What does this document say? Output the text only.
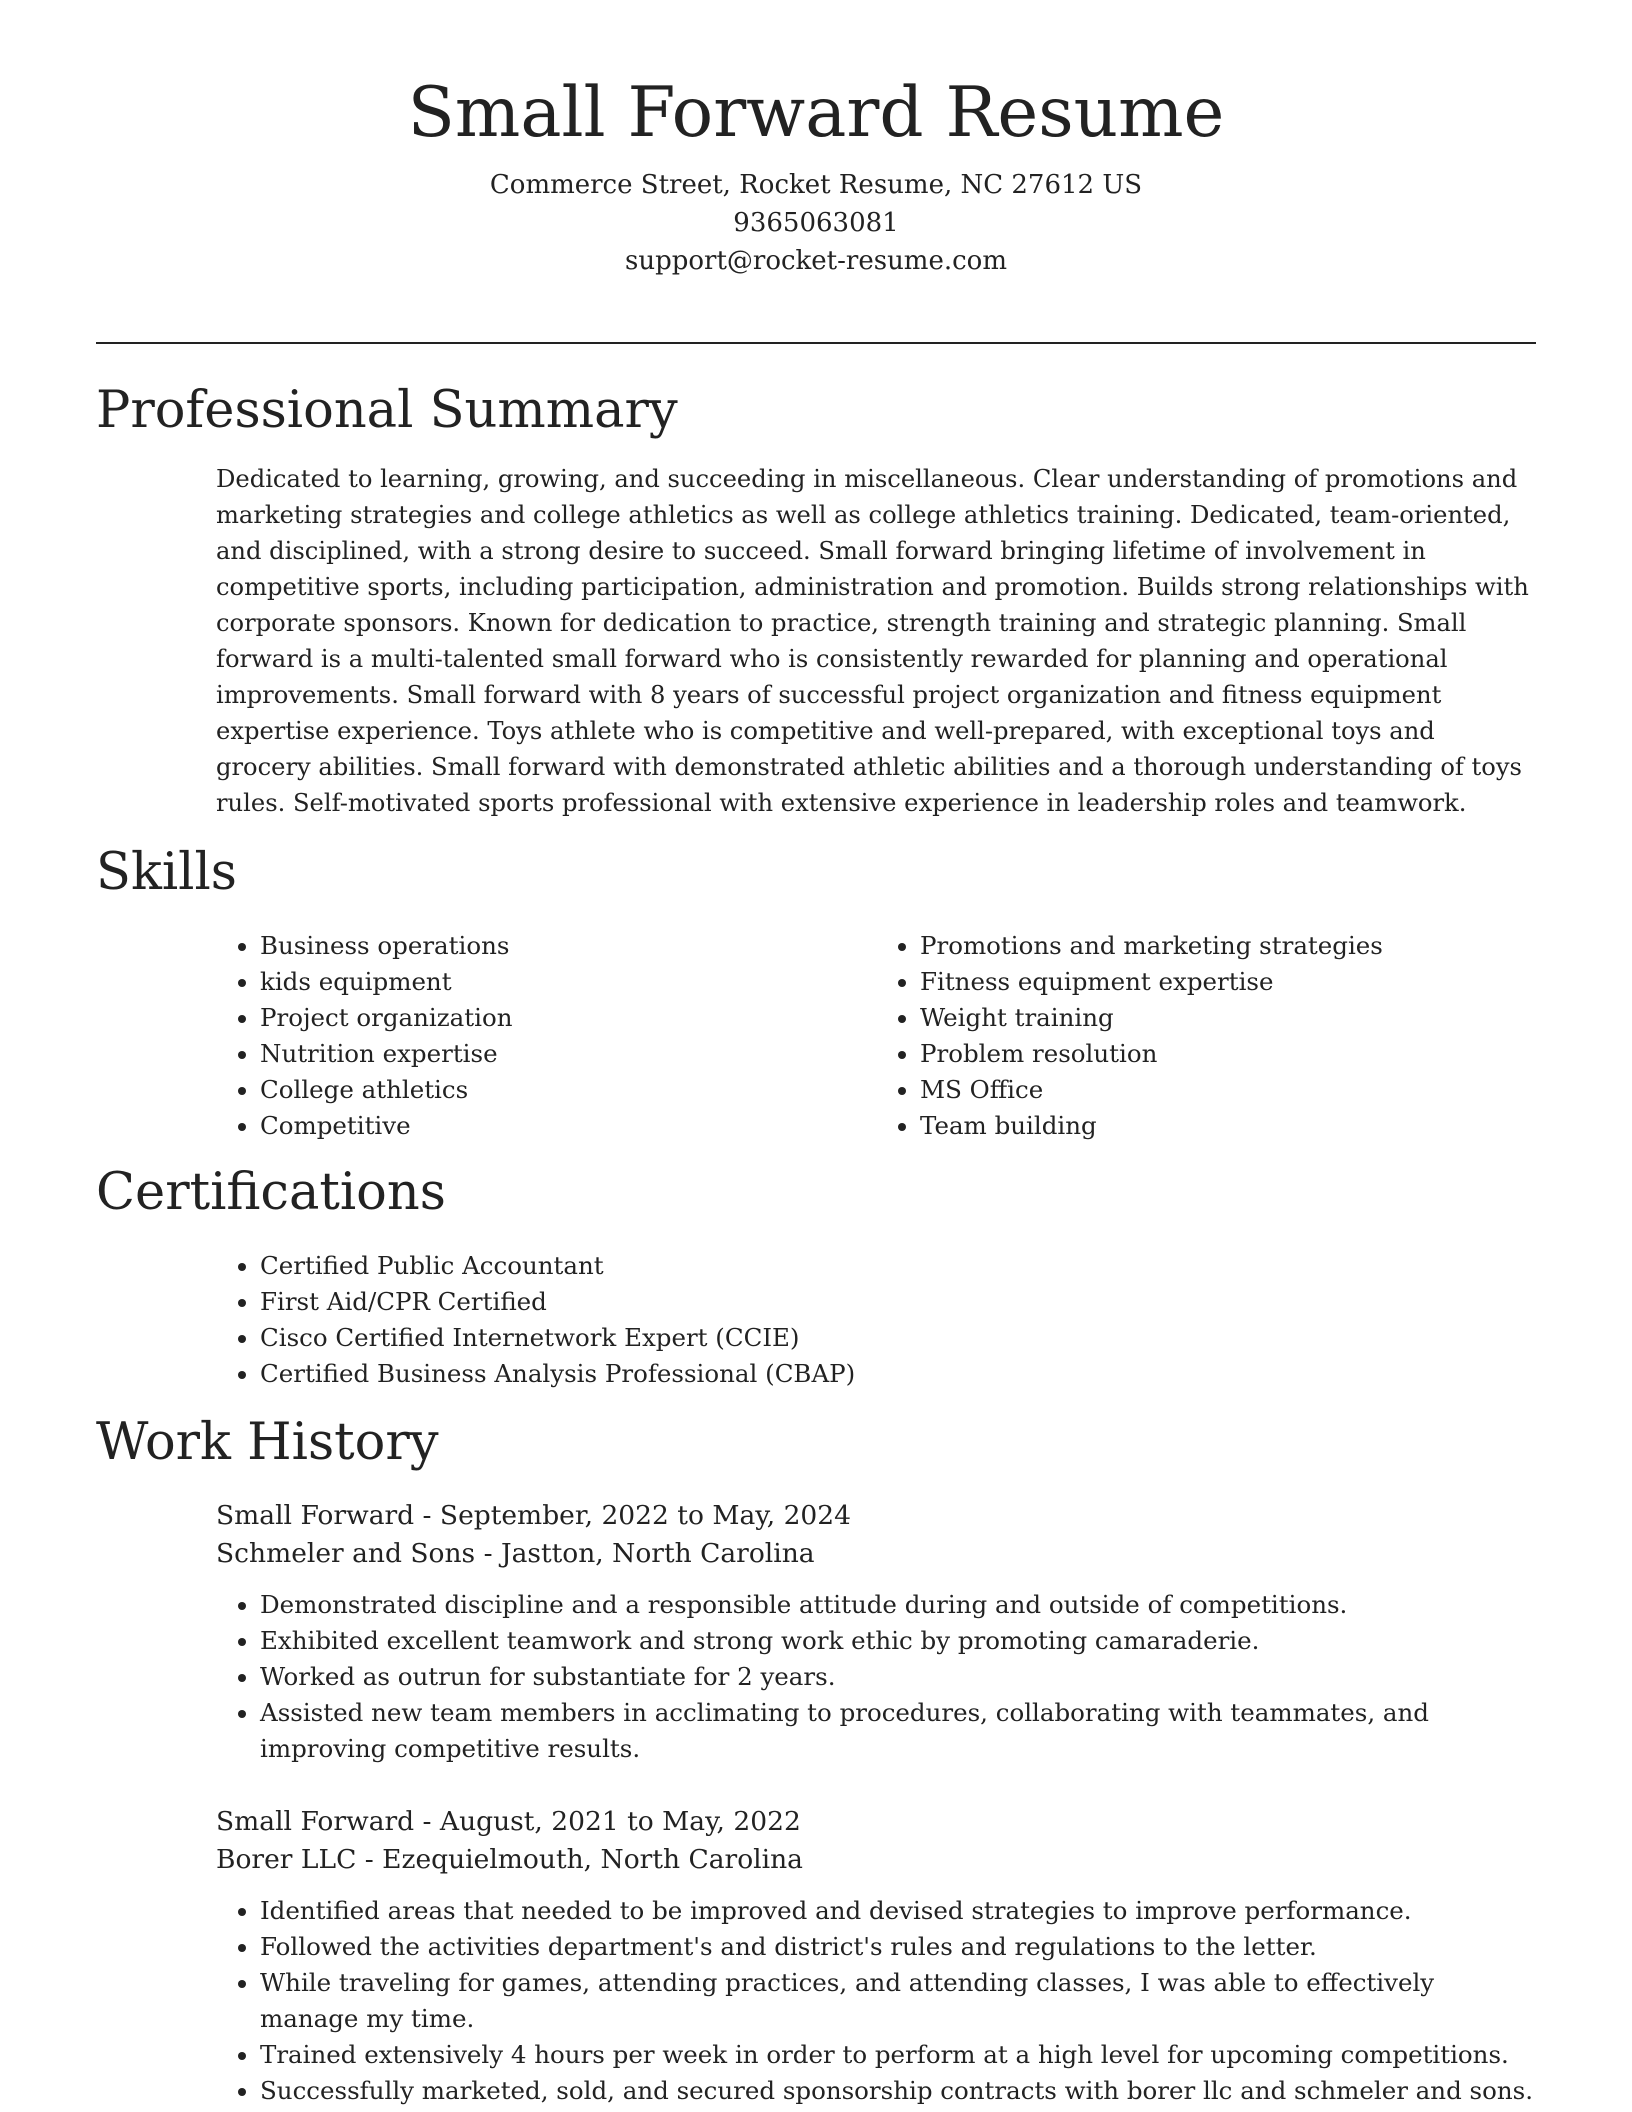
Small Forward Resume
Commerce Street, Rocket Resume, NC 27612 US
9365063081
support@rocket-resume.com
Professional Summary

Dedicated to learning, growing, and succeeding in miscellaneous. Clear understanding of promotions and marketing strategies and college athletics as well as college athletics training. Dedicated, team-oriented, and disciplined, with a strong desire to succeed. Small forward bringing lifetime of involvement in competitive sports, including participation, administration and promotion. Builds strong relationships with corporate sponsors. Known for dedication to practice, strength training and strategic planning. Small forward is a multi-talented small forward who is consistently rewarded for planning and operational improvements. Small forward with 8 years of successful project organization and fitness equipment expertise experience. Toys athlete who is competitive and well-prepared, with exceptional toys and grocery abilities. Small forward with demonstrated athletic abilities and a thorough understanding of toys rules. Self-motivated sports professional with extensive experience in leadership roles and teamwork.

Skills
• Business operations
• kids equipment
• Project organization
• Nutrition expertise
• College athletics
• Competitive
• Promotions and marketing strategies
• Fitness equipment expertise
• Weight training
• Problem resolution
• MS Office
• Team building
Certifications
• Certified Public Accountant
• First Aid/CPR Certified
• Cisco Certified Internetwork Expert (CCIE)
• Certified Business Analysis Professional (CBAP)
Work History
Small Forward - September, 2022 to May, 2024
Schmeler and Sons - Jastton, North Carolina
• Demonstrated discipline and a responsible attitude during and outside of competitions.
• Exhibited excellent teamwork and strong work ethic by promoting camaraderie.
• Worked as outrun for substantiate for 2 years.
• Assisted new team members in acclimating to procedures, collaborating with teammates, and improving competitive results.
Small Forward - August, 2021 to May, 2022
Borer LLC - Ezequielmouth, North Carolina
• Identified areas that needed to be improved and devised strategies to improve performance.
• Followed the activities department's and district's rules and regulations to the letter.
• While traveling for games, attending practices, and attending classes, I was able to effectively manage my time.
• Trained extensively 4 hours per week in order to perform at a high level for upcoming competitions.
• Successfully marketed, sold, and secured sponsorship contracts with borer llc and schmeler and sons.
